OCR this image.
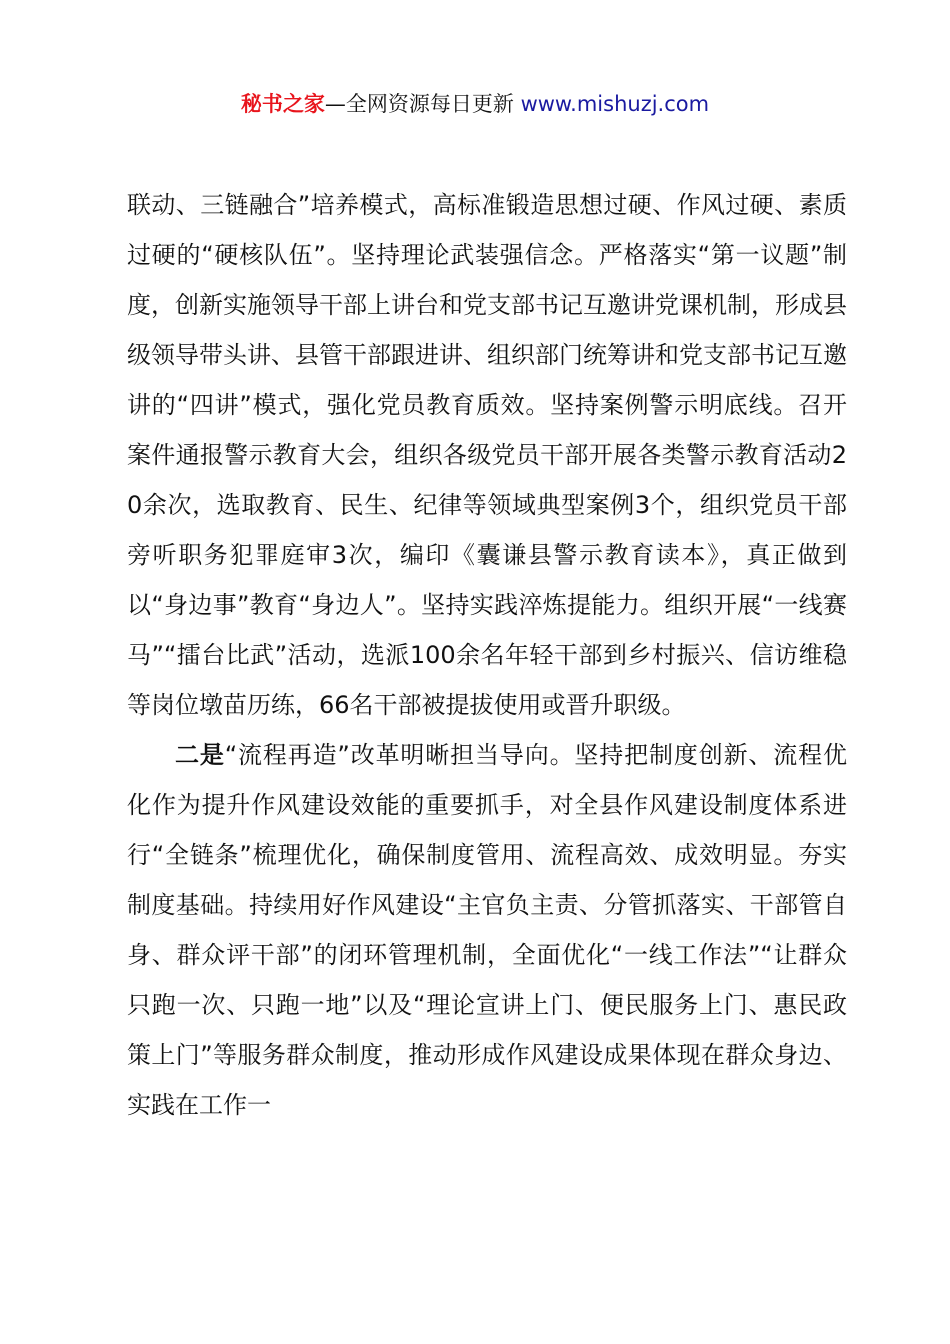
秘书之家—全网资源每日更新 www.mishuzj.com

联动、三链融合”培养模式，高标准锻造思想过硬、作风过硬、素质过硬的“硬核队伍”。坚持理论武装强信念。严格落实“第一议题”制度，创新实施领导干部上讲台和党支部书记互邀讲党课机制，形成县级领导带头讲、县管干部跟进讲、组织部门统筹讲和党支部书记互邀讲的“四讲”模式，强化党员教育质效。坚持案例警示明底线。召开案件通报警示教育大会，组织各级党员干部开展各类警示教育活动20余次，选取教育、民生、纪律等领域典型案例3个，组织党员干部旁听职务犯罪庭审3次，编印《囊谦县警示教育读本》，真正做到以“身边事”教育“身边人”。坚持实践淬炼提能力。组织开展“一线赛马”“擂台比武”活动，选派100余名年轻干部到乡村振兴、信访维稳等岗位墩苗历练，66名干部被提拔使用或晋升职级。

二是“流程再造”改革明晰担当导向。坚持把制度创新、流程优化作为提升作风建设效能的重要抓手，对全县作风建设制度体系进行“全链条”梳理优化，确保制度管用、流程高效、成效明显。夯实制度基础。持续用好作风建设“主官负主责、分管抓落实、干部管自身、群众评干部”的闭环管理机制，全面优化“一线工作法”“让群众只跑一次、只跑一地”以及“理论宣讲上门、便民服务上门、惠民政策上门”等服务群众制度，推动形成作风建设成果体现在群众身边、实践在工作一
